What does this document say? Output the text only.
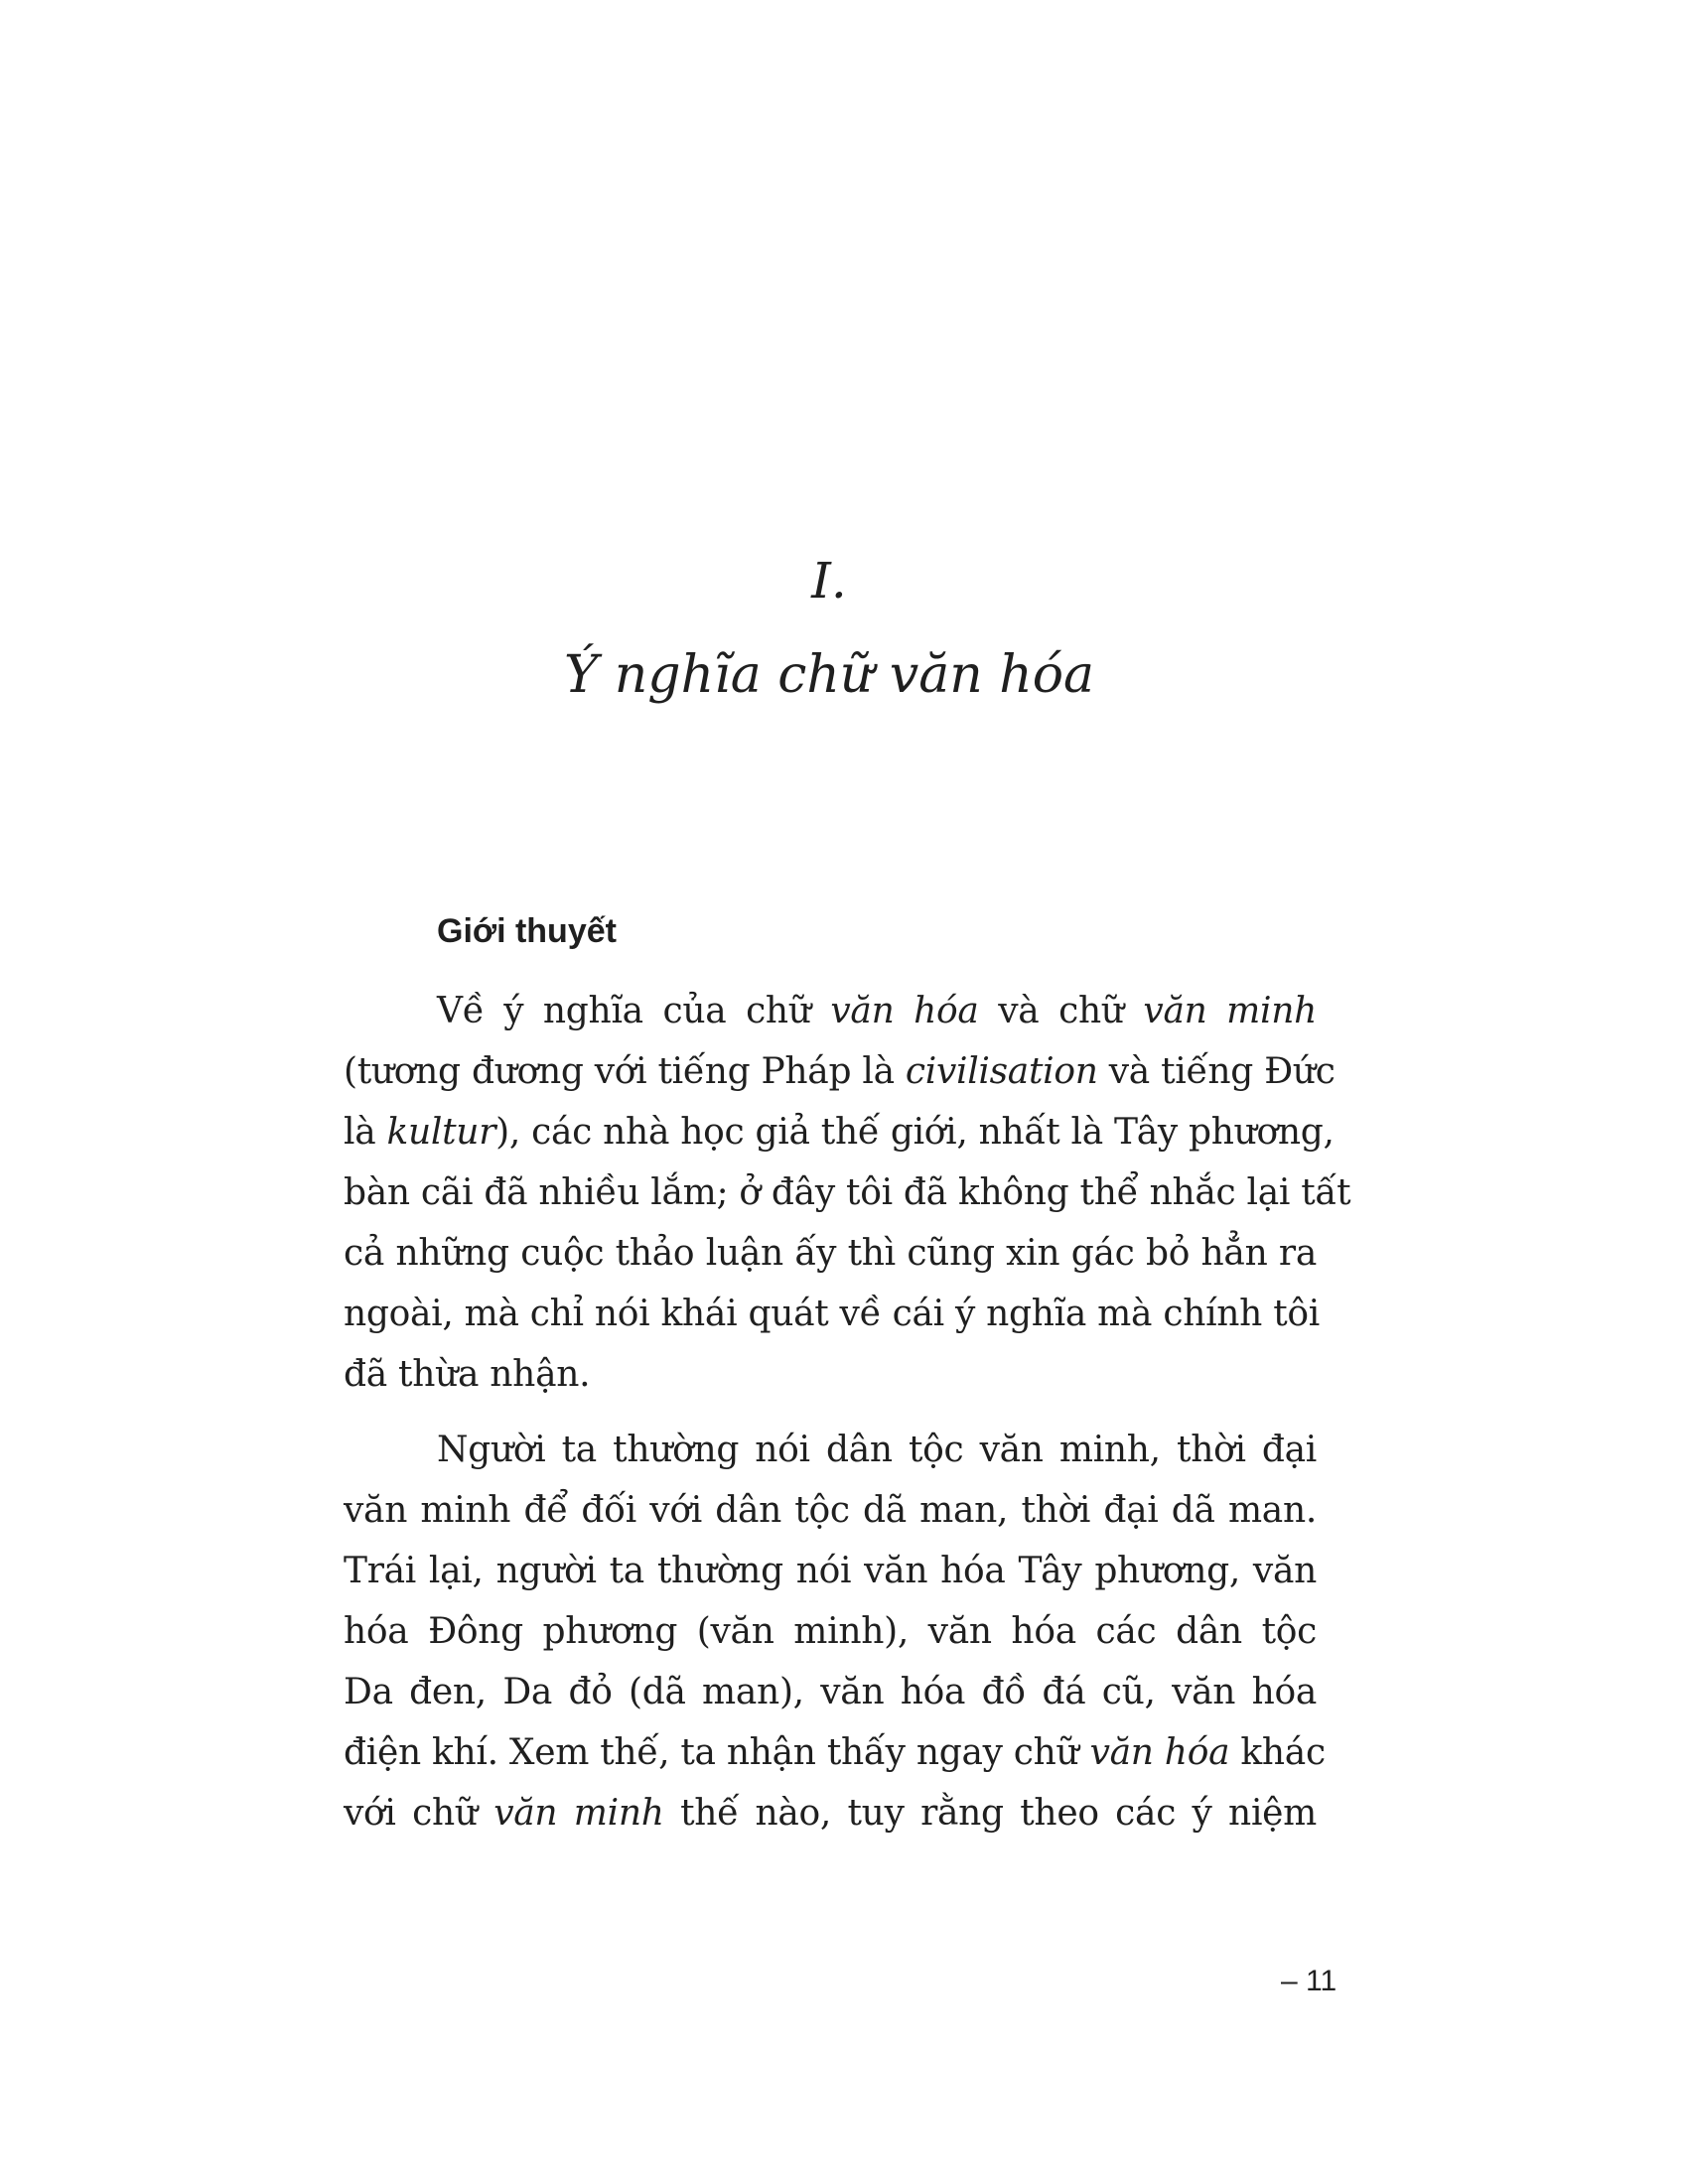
I.
Ý nghĩa chữ văn hóa
Giới thuyết
Về ý nghĩa của chữ văn hóa và chữ văn minh
(tương đương với tiếng Pháp là civilisation và tiếng Đức
là kultur), các nhà học giả thế giới, nhất là Tây phương,
bàn cãi đã nhiều lắm; ở đây tôi đã không thể nhắc lại tất
cả những cuộc thảo luận ấy thì cũng xin gác bỏ hẳn ra
ngoài, mà chỉ nói khái quát về cái ý nghĩa mà chính tôi
đã thừa nhận.
Người ta thường nói dân tộc văn minh, thời đại
văn minh để đối với dân tộc dã man, thời đại dã man.
Trái lại, người ta thường nói văn hóa Tây phương, văn
hóa Đông phương (văn minh), văn hóa các dân tộc
Da đen, Da đỏ (dã man), văn hóa đồ đá cũ, văn hóa
điện khí. Xem thế, ta nhận thấy ngay chữ văn hóa khác
với chữ văn minh thế nào, tuy rằng theo các ý niệm
– 11
